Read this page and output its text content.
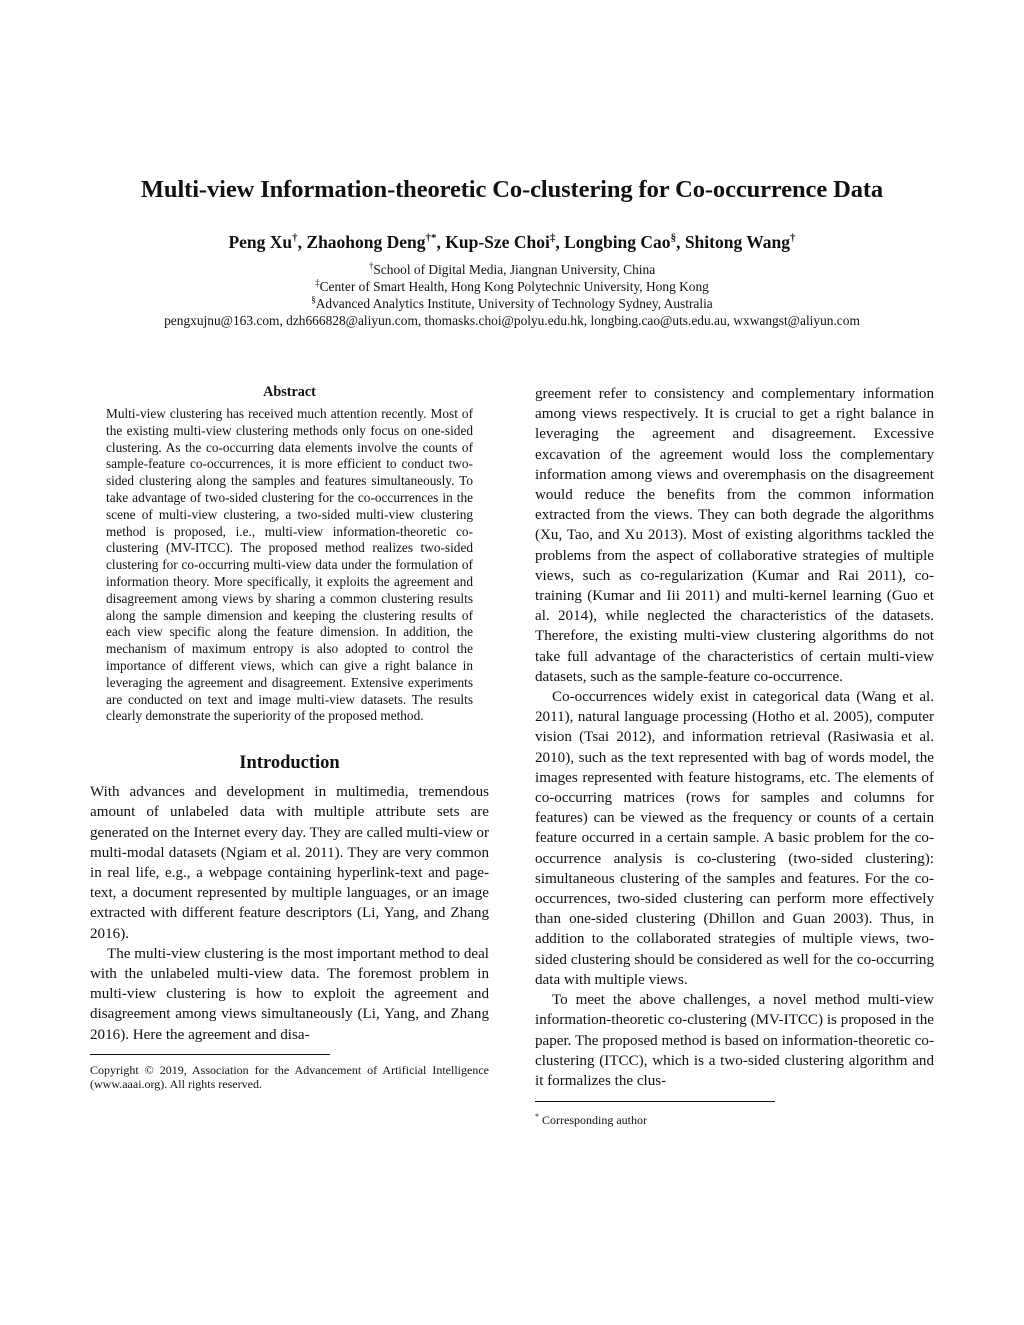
Multi-view Information-theoretic Co-clustering for Co-occurrence Data
Peng Xu†, Zhaohong Deng†*, Kup-Sze Choi‡, Longbing Cao§, Shitong Wang†
†School of Digital Media, Jiangnan University, China
‡Center of Smart Health, Hong Kong Polytechnic University, Hong Kong
§Advanced Analytics Institute, University of Technology Sydney, Australia
pengxujnu@163.com, dzh666828@aliyun.com, thomasks.choi@polyu.edu.hk, longbing.cao@uts.edu.au, wxwangst@aliyun.com
Abstract

Multi-view clustering has received much attention recently. Most of the existing multi-view clustering methods only focus on one-sided clustering. As the co-occurring data elements involve the counts of sample-feature co-occurrences, it is more efficient to conduct two-sided clustering along the samples and features simultaneously. To take advantage of two-sided clustering for the co-occurrences in the scene of multi-view clustering, a two-sided multi-view clustering method is proposed, i.e., multi-view information-theoretic co-clustering (MV-ITCC). The proposed method realizes two-sided clustering for co-occurring multi-view data under the formulation of information theory. More specifically, it exploits the agreement and disagreement among views by sharing a common clustering results along the sample dimension and keeping the clustering results of each view specific along the feature dimension. In addition, the mechanism of maximum entropy is also adopted to control the importance of different views, which can give a right balance in leveraging the agreement and disagreement. Extensive experiments are conducted on text and image multi-view datasets. The results clearly demonstrate the superiority of the proposed method.

Introduction

With advances and development in multimedia, tremendous amount of unlabeled data with multiple attribute sets are generated on the Internet every day. They are called multi-view or multi-modal datasets (Ngiam et al. 2011). They are very common in real life, e.g., a webpage containing hyperlink-text and page-text, a document represented by multiple languages, or an image extracted with different feature descriptors (Li, Yang, and Zhang 2016).

The multi-view clustering is the most important method to deal with the unlabeled multi-view data. The foremost problem in multi-view clustering is how to exploit the agreement and disagreement among views simultaneously (Li, Yang, and Zhang 2016). Here the agreement and disa-

Copyright © 2019, Association for the Advancement of Artificial Intelligence (www.aaai.org). All rights reserved.

greement refer to consistency and complementary information among views respectively. It is crucial to get a right balance in leveraging the agreement and disagreement. Excessive excavation of the agreement would loss the complementary information among views and overemphasis on the disagreement would reduce the benefits from the common information extracted from the views. They can both degrade the algorithms (Xu, Tao, and Xu 2013). Most of existing algorithms tackled the problems from the aspect of collaborative strategies of multiple views, such as co-regularization (Kumar and Rai 2011), co-training (Kumar and Iii 2011) and multi-kernel learning (Guo et al. 2014), while neglected the characteristics of the datasets. Therefore, the existing multi-view clustering algorithms do not take full advantage of the characteristics of certain multi-view datasets, such as the sample-feature co-occurrence.

Co-occurrences widely exist in categorical data (Wang et al. 2011), natural language processing (Hotho et al. 2005), computer vision (Tsai 2012), and information retrieval (Rasiwasia et al. 2010), such as the text represented with bag of words model, the images represented with feature histograms, etc. The elements of co-occurring matrices (rows for samples and columns for features) can be viewed as the frequency or counts of a certain feature occurred in a certain sample. A basic problem for the co-occurrence analysis is co-clustering (two-sided clustering): simultaneous clustering of the samples and features. For the co-occurrences, two-sided clustering can perform more effectively than one-sided clustering (Dhillon and Guan 2003). Thus, in addition to the collaborated strategies of multiple views, two-sided clustering should be considered as well for the co-occurring data with multiple views.

To meet the above challenges, a novel method multi-view information-theoretic co-clustering (MV-ITCC) is proposed in the paper. The proposed method is based on information-theoretic co-clustering (ITCC), which is a two-sided clustering algorithm and it formalizes the clus-

* Corresponding author
